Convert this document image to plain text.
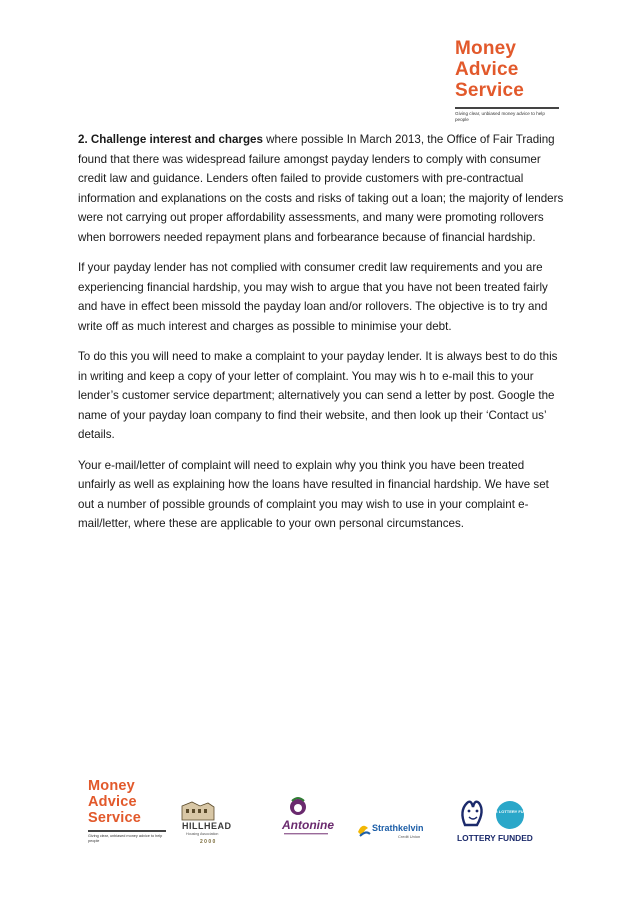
Money
Advice
Service
Giving clear, unbiased money advice to help people

2. Challenge interest and charges where possible In March 2013, the Office of Fair Trading found that there was widespread failure amongst payday lenders to comply with consumer credit law and guidance. Lenders often failed to provide customers with pre-contractual information and explanations on the costs and risks of taking out a loan; the majority of lenders were not carrying out proper affordability assessments, and many were promoting rollovers when borrowers needed repayment plans and forbearance because of financial hardship.

If your payday lender has not complied with consumer credit law requirements and you are experiencing financial hardship, you may wish to argue that you have not been treated fairly and have in effect been missold the payday loan and/or rollovers. The objective is to try and write off as much interest and charges as possible to minimise your debt.

To do this you will need to make a complaint to your payday lender. It is always best to do this in writing and keep a copy of your letter of complaint. You may wis h to e-mail this to your lender’s customer service department; alternatively you can send a letter by post. Google the name of your payday loan company to find their website, and then look up their ‘Contact us’ details.

Your e-mail/letter of complaint will need to explain why you think you have been treated unfairly as well as explaining how the loans have resulted in financial hardship. We have set out a number of possible grounds of complaint you may wish to use in your complaint e-mail/letter, where these are applicable to your own personal circumstances.

Money
Advice
Service
Giving clear, unbiased money advice to help people
HILLHEAD
Housing Association
2 0 0 0
Antonine	Strathkelvin
Credit Union
BIG LOTTERY FUND
LOTTERY FUNDED
